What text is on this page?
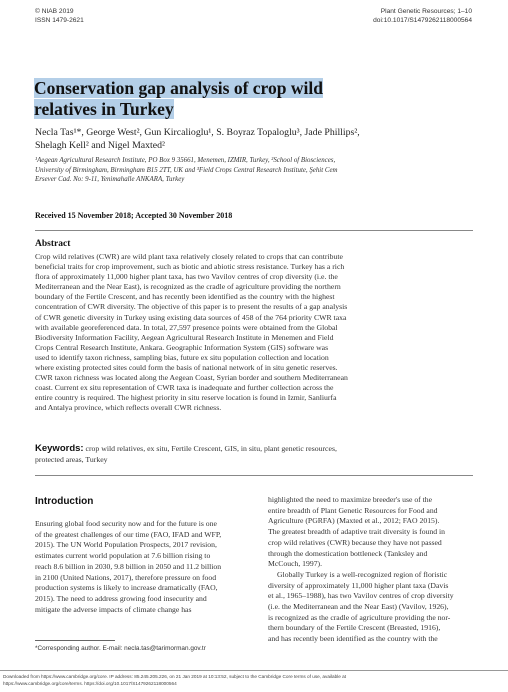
© NIAB 2019
ISSN 1479-2621
Plant Genetic Resources; 1–10
doi:10.1017/S1479262118000564
Conservation gap analysis of crop wild
relatives in Turkey
Necla Tas¹*, George West², Gun Kircalioglu¹, S. Boyraz Topaloglu³, Jade Phillips²,
Shelagh Kell² and Nigel Maxted²
¹Aegean Agricultural Research Institute, PO Box 9 35661, Menemen, IZMIR, Turkey, ²School of Biosciences,
University of Birmingham, Birmingham B15 2TT, UK and ³Field Crops Central Research Institute, Şehit Cem
Ersever Cad. No: 9-11, Yenimahalle ANKARA, Turkey
Received 15 November 2018; Accepted 30 November 2018
Abstract
Crop wild relatives (CWR) are wild plant taxa relatively closely related to crops that can contribute
beneficial traits for crop improvement, such as biotic and abiotic stress resistance. Turkey has a rich
flora of approximately 11,000 higher plant taxa, has two Vavilov centres of crop diversity (i.e. the
Mediterranean and the Near East), is recognized as the cradle of agriculture providing the northern
boundary of the Fertile Crescent, and has recently been identified as the country with the highest
concentration of CWR diversity. The objective of this paper is to present the results of a gap analysis
of CWR genetic diversity in Turkey using existing data sources of 458 of the 764 priority CWR taxa
with available georeferenced data. In total, 27,597 presence points were obtained from the Global
Biodiversity Information Facility, Aegean Agricultural Research Institute in Menemen and Field
Crops Central Research Institute, Ankara. Geographic Information System (GIS) software was
used to identify taxon richness, sampling bias, future ex situ population collection and location
where existing protected sites could form the basis of national network of in situ genetic reserves.
CWR taxon richness was located along the Aegean Coast, Syrian border and southern Mediterranean
coast. Current ex situ representation of CWR taxa is inadequate and further collection across the
entire country is required. The highest priority in situ reserve location is found in Izmir, Sanliurfa
and Antalya province, which reflects overall CWR richness.
Keywords: crop wild relatives, ex situ, Fertile Crescent, GIS, in situ, plant genetic resources,
protected areas, Turkey
Introduction
Ensuring global food security now and for the future is one
of the greatest challenges of our time (FAO, IFAD and WFP,
2015). The UN World Population Prospects, 2017 revision,
estimates current world population at 7.6 billion rising to
reach 8.6 billion in 2030, 9.8 billion in 2050 and 11.2 billion
in 2100 (United Nations, 2017), therefore pressure on food
production systems is likely to increase dramatically (FAO,
2015). The need to address growing food insecurity and
mitigate the adverse impacts of climate change has
highlighted the need to maximize breeder's use of the
entire breadth of Plant Genetic Resources for Food and
Agriculture (PGRFA) (Maxted et al., 2012; FAO 2015).
The greatest breadth of adaptive trait diversity is found in
crop wild relatives (CWR) because they have not passed
through the domestication bottleneck (Tanksley and
McCouch, 1997).
Globally Turkey is a well-recognized region of floristic
diversity of approximately 11,000 higher plant taxa (Davis
et al., 1965–1988), has two Vavilov centres of crop diversity
(i.e. the Mediterranean and the Near East) (Vavilov, 1926),
is recognized as the cradle of agriculture providing the nor-
thern boundary of the Fertile Crescent (Breasted, 1916),
and has recently been identified as the country with the
*Corresponding author. E-mail: necla.tas@tarimorman.gov.tr
Downloaded from https://www.cambridge.org/core. IP address: 85.245.205.226, on 21 Jan 2019 at 10:13:52, subject to the Cambridge Core terms of use, available at
https://www.cambridge.org/core/terms. https://doi.org/10.1017/S1479262118000564
